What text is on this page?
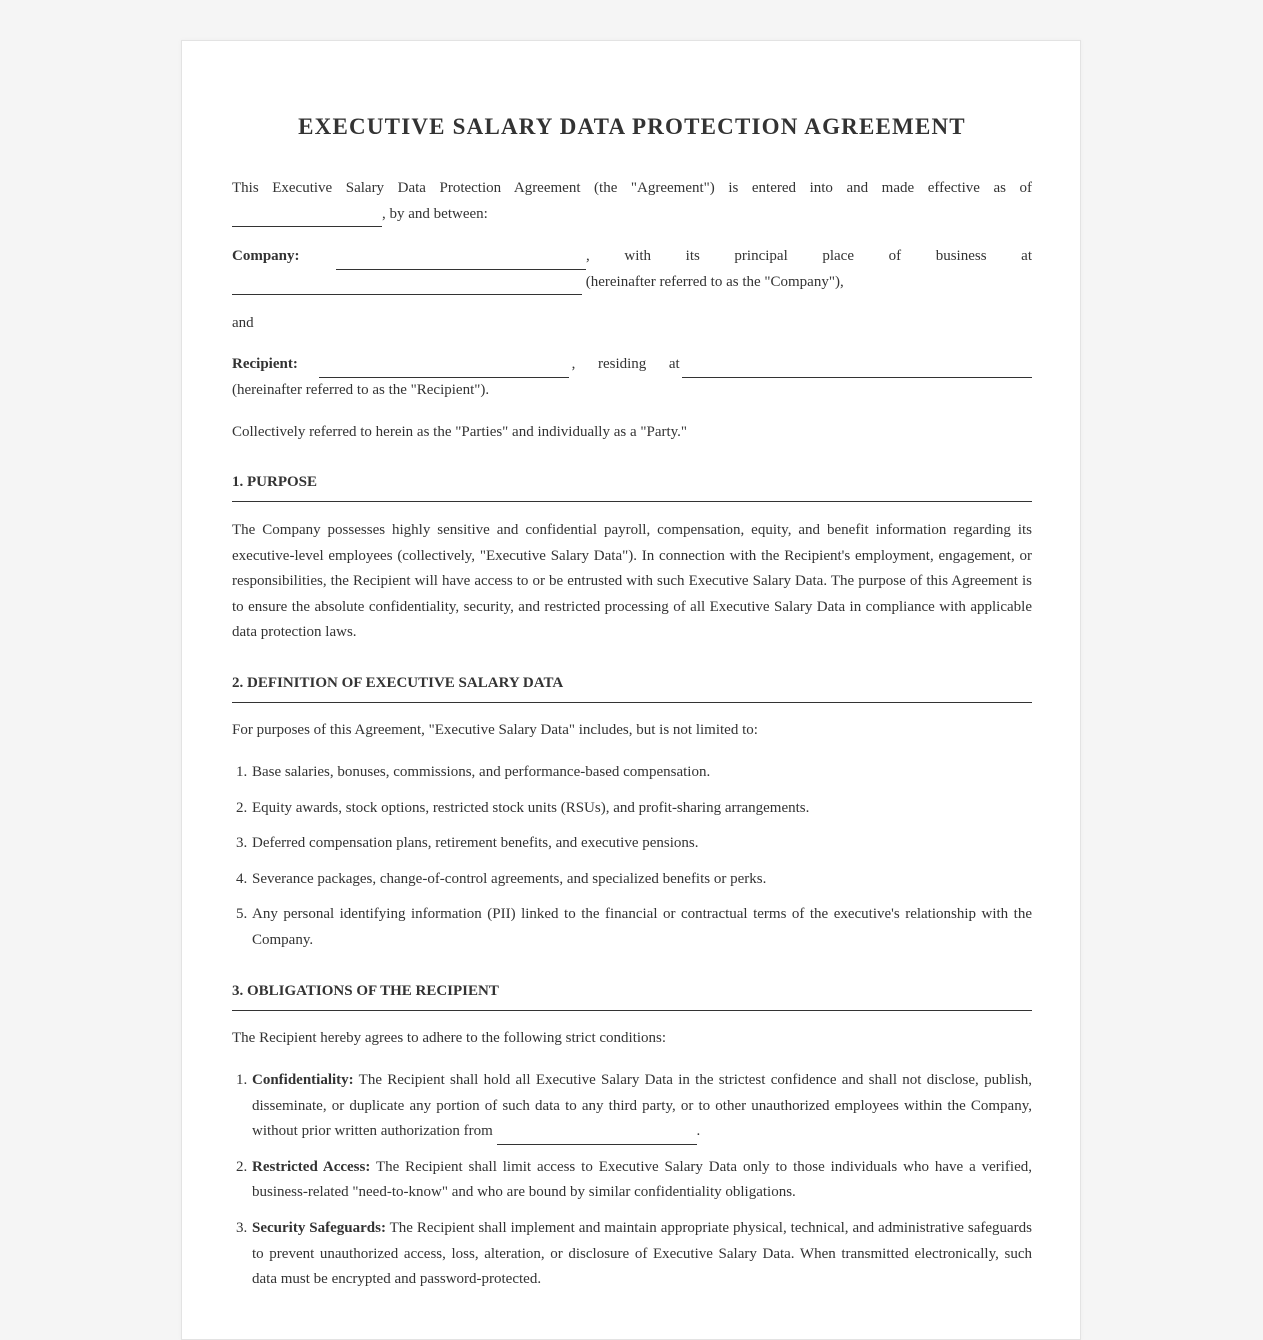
EXECUTIVE SALARY DATA PROTECTION AGREEMENT
This Executive Salary Data Protection Agreement (the "Agreement") is entered into and made effective as of
, by and between:
Company:	, with its principal place of business at
(hereinafter referred to as the "Company"),
and
Recipient:	, residing at
(hereinafter referred to as the "Recipient").
Collectively referred to herein as the "Parties" and individually as a "Party."
1. PURPOSE
The Company possesses highly sensitive and confidential payroll, compensation, equity, and benefit information regarding its executive-level employees (collectively, "Executive Salary Data"). In connection with the Recipient's employment, engagement, or responsibilities, the Recipient will have access to or be entrusted with such Executive Salary Data. The purpose of this Agreement is to ensure the absolute confidentiality, security, and restricted processing of all Executive Salary Data in compliance with applicable data protection laws.
2. DEFINITION OF EXECUTIVE SALARY DATA
For purposes of this Agreement, "Executive Salary Data" includes, but is not limited to:
1. Base salaries, bonuses, commissions, and performance-based compensation.
2. Equity awards, stock options, restricted stock units (RSUs), and profit-sharing arrangements.
3. Deferred compensation plans, retirement benefits, and executive pensions.
4. Severance packages, change-of-control agreements, and specialized benefits or perks.
5. Any personal identifying information (PII) linked to the financial or contractual terms of the executive's relationship with the Company.
3. OBLIGATIONS OF THE RECIPIENT
The Recipient hereby agrees to adhere to the following strict conditions:
1. Confidentiality: The Recipient shall hold all Executive Salary Data in the strictest confidence and shall not disclose, publish, disseminate, or duplicate any portion of such data to any third party, or to other unauthorized employees within the Company, without prior written authorization from	.
2. Restricted Access: The Recipient shall limit access to Executive Salary Data only to those individuals who have a verified, business-related "need-to-know" and who are bound by similar confidentiality obligations.
3. Security Safeguards: The Recipient shall implement and maintain appropriate physical, technical, and administrative safeguards to prevent unauthorized access, loss, alteration, or disclosure of Executive Salary Data. When transmitted electronically, such data must be encrypted and password-protected.
